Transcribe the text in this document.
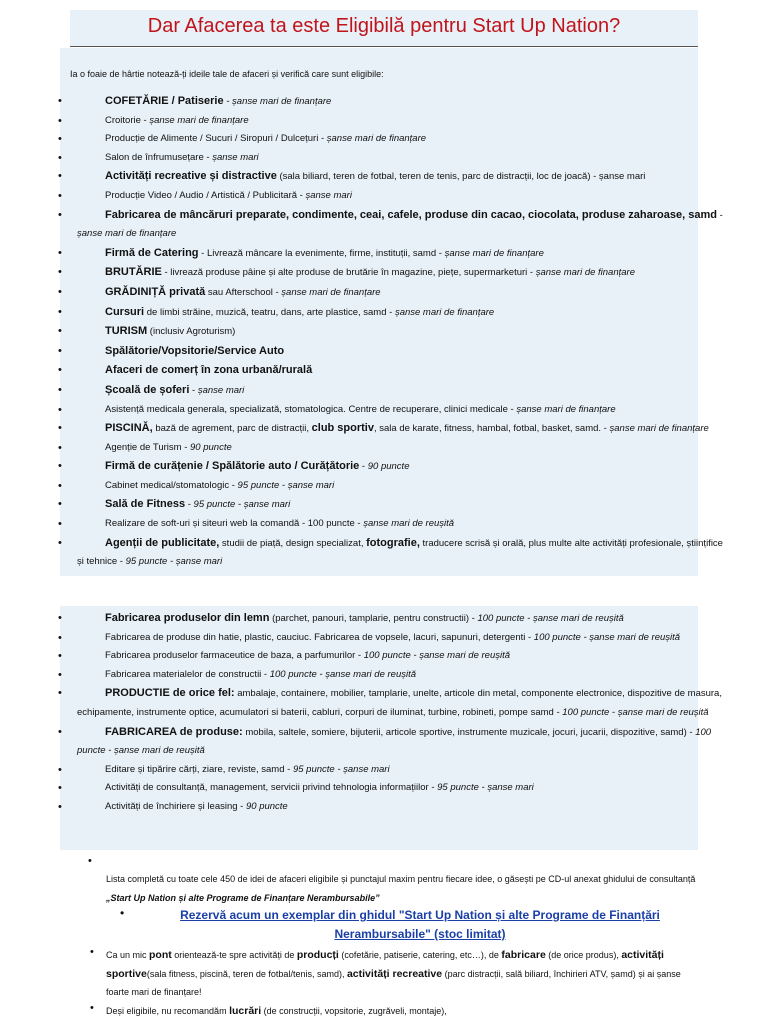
Dar Afacerea ta este Eligibilă pentru Start Up Nation?
Ia o foaie de hârtie notează-ți ideile tale de afaceri și verifică care sunt eligibile:
•	COFETĂRIE / Patiserie - șanse mari de finanțare
•	Croitorie - șanse mari de finanțare
•	Producție de Alimente / Sucuri / Siropuri / Dulcețuri - șanse mari de finanțare
•	Salon de înfrumusețare - șanse mari
•	Activități recreative și distractive (sala biliard, teren de fotbal, teren de tenis, parc de distracții, loc de joacă) - șanse mari
•	Producție Video / Audio / Artistică / Publicitară - șanse mari
•	Fabricarea de mâncăruri preparate, condimente, ceai, cafele, produse din cacao, ciocolata, produse zaharoase, samd - șanse mari de finanțare
•	Firmă de Catering - Livrează mâncare la evenimente, firme, instituții, samd - șanse mari de finanțare
•	BRUTĂRIE - livrează produse pâine și alte produse de brutărie în magazine, piețe, supermarketuri - șanse mari de finanțare
•	GRĂDINIȚĂ privată sau Afterschool - șanse mari de finanțare
•	Cursuri de limbi străine, muzică, teatru, dans, arte plastice, samd - șanse mari de finanțare
•	TURISM (inclusiv Agroturism)
•	Spălătorie/Vopsitorie/Service Auto
•	Afaceri de comerț în zona urbană/rurală
•	Școală de șoferi - șanse mari
•	Asistență medicala generala, specializată, stomatologica. Centre de recuperare, clinici medicale - șanse mari de finanțare
•	PISCINĂ, bază de agrement, parc de distracții, club sportiv, sala de karate, fitness, hambal, fotbal, basket, samd. - șanse mari de finanțare
•	Agenție de Turism - 90 puncte
•	Firmă de curățenie / Spălătorie auto / Curățătorie - 90 puncte
•	Cabinet medical/stomatologic - 95 puncte - șanse mari
•	Sală de Fitness - 95 puncte - șanse mari
•	Realizare de soft-uri și siteuri web la comandă - 100 puncte - șanse mari de reușită
•	Agenții de publicitate, studii de piață, design specializat, fotografie, traducere scrisă și orală, plus multe alte activități profesionale, științifice și tehnice - 95 puncte - șanse mari
•	Fabricarea produselor din lemn (parchet, panouri, tamplarie, pentru constructii) - 100 puncte - șanse mari de reușită
•	Fabricarea de produse din hatie, plastic, cauciuc. Fabricarea de vopsele, lacuri, sapunuri, detergenti - 100 puncte - șanse mari de reușită
•	Fabricarea produselor farmaceutice de baza, a parfumurilor - 100 puncte - șanse mari de reușită
•	Fabricarea materialelor de constructii - 100 puncte - șanse mari de reușită
•	PRODUCTIE de orice fel: ambalaje, containere, mobilier, tamplarie, unelte, articole din metal, componente electronice, dispozitive de masura, echipamente, instrumente optice, acumulatori si baterii, cabluri, corpuri de iluminat, turbine, robineti, pompe samd - 100 puncte - șanse mari de reușită
•	FABRICAREA de produse: mobila, saltele, somiere, bijuterii, articole sportive, instrumente muzicale, jocuri, jucarii, dispozitive, samd) - 100 puncte - șanse mari de reușită
•	Editare și tipărire cărți, ziare, reviste, samd - 95 puncte - șanse mari
•	Activități de consultanță, management, servicii privind tehnologia informațiilor - 95 puncte - șanse mari
•	Activități de închiriere și leasing - 90 puncte
•
Lista completă cu toate cele 450 de idei de afaceri eligibile și punctajul maxim pentru fiecare idee, o găsești pe CD-ul anexat ghidului de consultanță „Start Up Nation și alte Programe de Finanțare Nerambursabile”
•	Rezervă acum un exemplar din ghidul "Start Up Nation și alte Programe de Finanțări Nerambursabile" (stoc limitat)
• Ca un mic pont orientează-te spre activități de producți (cofetărie, patiserie, catering, etc…), de fabricare (de orice produs), activități sportive(sala fitness, piscină, teren de fotbal/tenis, samd), activități recreative (parc distracții, sală biliard, închirieri ATV, șamd) și ai șanse foarte mari de finanțare!
• Deși eligibile, nu recomandăm lucrări (de construcții, vopsitorie, zugrăveli, montaje),
